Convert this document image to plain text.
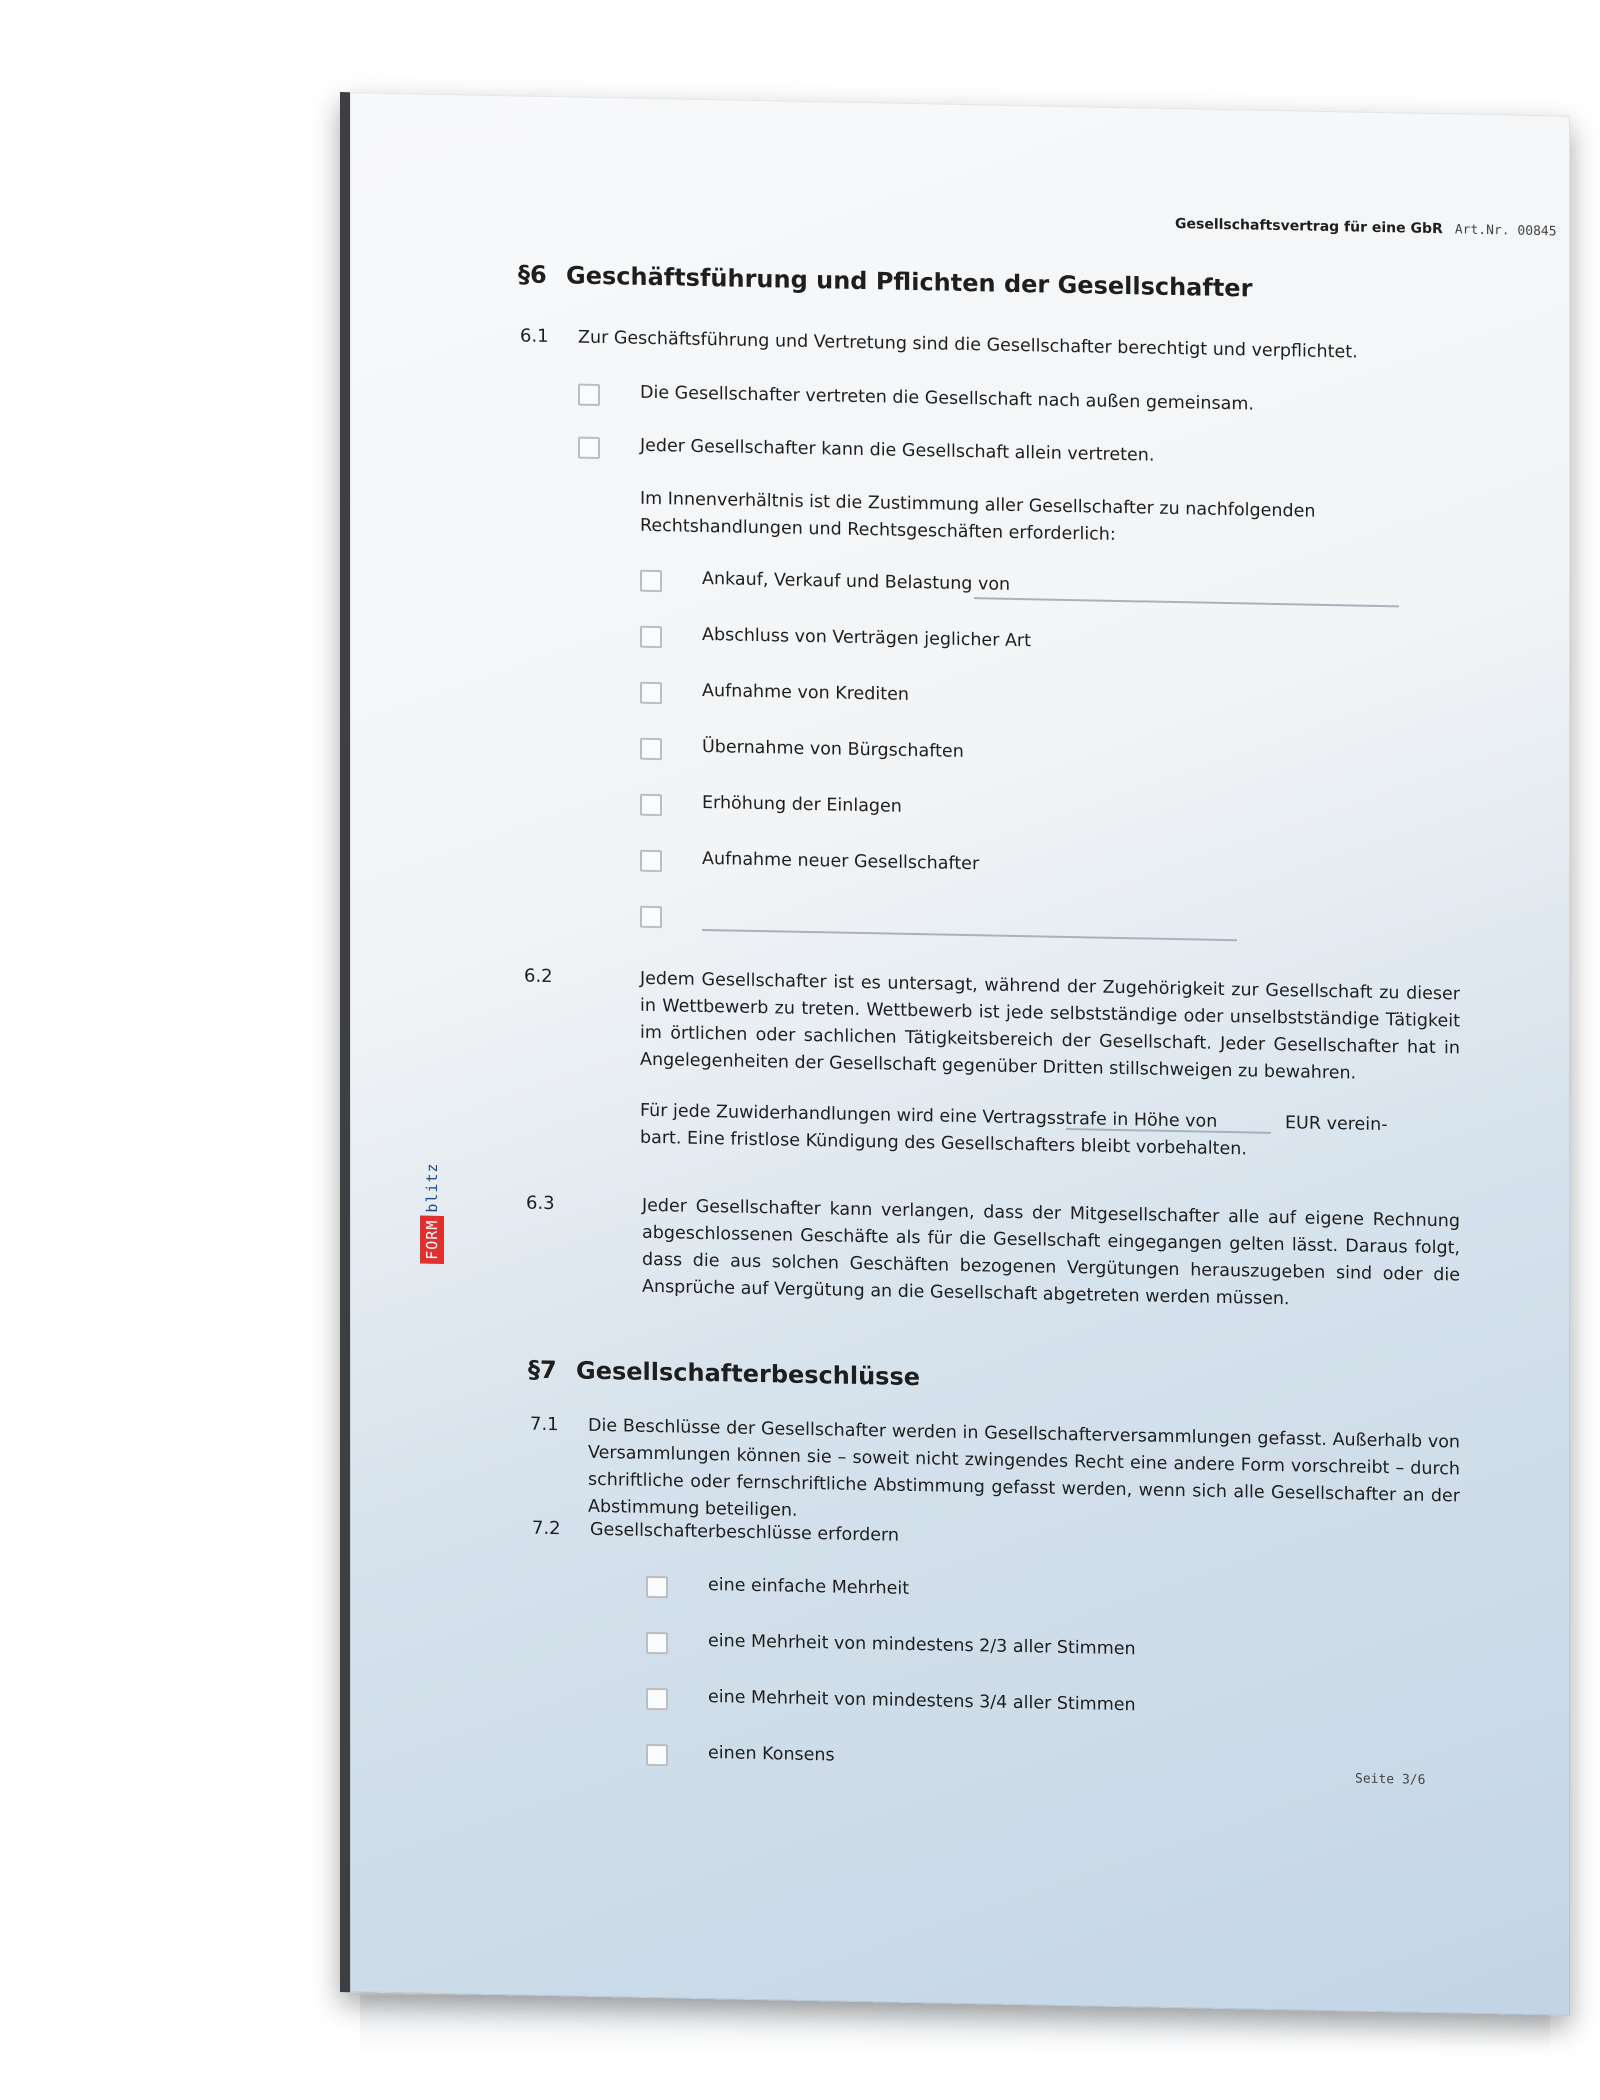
Gesellschaftsvertrag für eine GbR Art.Nr. 00845
FORM
blitz
§6 Geschäftsführung und Pflichten der Gesellschafter
6.1 Zur Geschäftsführung und Vertretung sind die Gesellschafter berechtigt und verpflichtet.
Die Gesellschafter vertreten die Gesellschaft nach außen gemeinsam.
Jeder Gesellschafter kann die Gesellschaft allein vertreten.
Im Innenverhältnis ist die Zustimmung aller Gesellschafter zu nachfolgenden Rechtshandlungen und Rechtsgeschäften erforderlich:
Ankauf, Verkauf und Belastung von
Abschluss von Verträgen jeglicher Art
Aufnahme von Krediten
Übernahme von Bürgschaften
Erhöhung der Einlagen
Aufnahme neuer Gesellschafter
6.2	Jedem Gesellschafter ist es untersagt, während der Zugehörigkeit zur Gesellschaft zu dieser in Wettbewerb zu treten. Wettbewerb ist jede selbstständige oder unselbstständige Tätigkeit im örtlichen oder sachlichen Tätigkeitsbereich der Gesellschaft. Jeder Gesellschafter hat in Angelegenheiten der Gesellschaft gegenüber Dritten stillschweigen zu bewahren.
Für jede Zuwiderhandlungen wird eine Vertragsstrafe in Höhe von	EUR verein-
bart. Eine fristlose Kündigung des Gesellschafters bleibt vorbehalten.
6.3	Jeder Gesellschafter kann verlangen, dass der Mitgesellschafter alle auf eigene Rechnung abgeschlossenen Geschäfte als für die Gesellschaft eingegangen gelten lässt. Daraus folgt, dass die aus solchen Geschäften bezogenen Vergütungen herauszugeben sind oder die Ansprüche auf Vergütung an die Gesellschaft abgetreten werden müssen.
§7 Gesellschafterbeschlüsse
7.1 Die Beschlüsse der Gesellschafter werden in Gesellschafterversammlungen gefasst. Außerhalb von Versammlungen können sie – soweit nicht zwingendes Recht eine andere Form vorschreibt – durch schriftliche oder fernschriftliche Abstimmung gefasst werden, wenn sich alle Gesellschafter an der Abstimmung beteiligen.
7.2 Gesellschafterbeschlüsse erfordern
eine einfache Mehrheit
eine Mehrheit von mindestens 2/3 aller Stimmen
eine Mehrheit von mindestens 3/4 aller Stimmen
einen Konsens
Seite 3/6
